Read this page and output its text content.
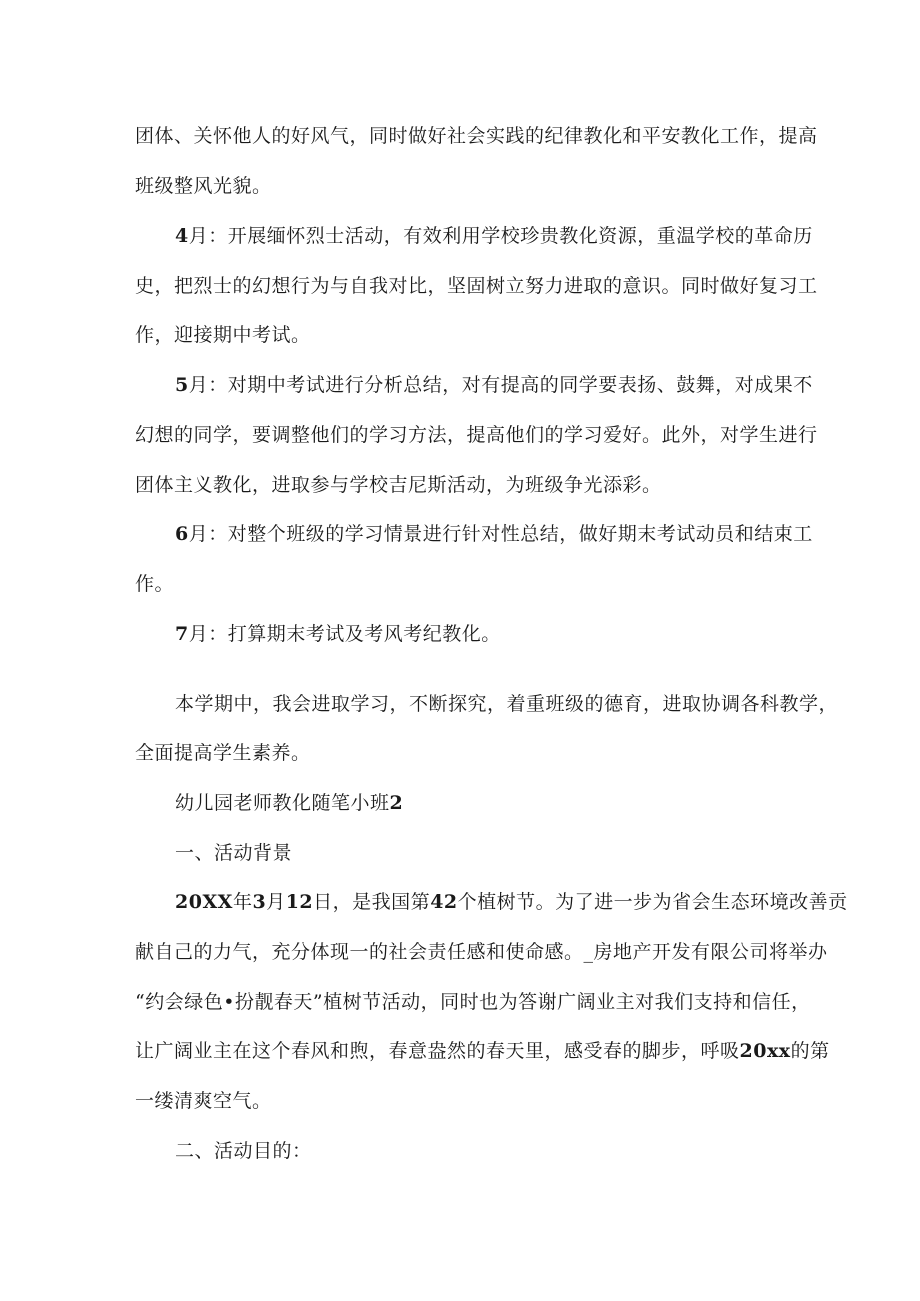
团体、关怀他人的好风气，同时做好社会实践的纪律教化和平安教化工作，提高
班级整风光貌。
4月：开展缅怀烈士活动，有效利用学校珍贵教化资源，重温学校的革命历
史，把烈士的幻想行为与自我对比，坚固树立努力进取的意识。同时做好复习工
作，迎接期中考试。
5月：对期中考试进行分析总结，对有提高的同学要表扬、鼓舞，对成果不
幻想的同学，要调整他们的学习方法，提高他们的学习爱好。此外，对学生进行
团体主义教化，进取参与学校吉尼斯活动，为班级争光添彩。
6月：对整个班级的学习情景进行针对性总结，做好期末考试动员和结束工
作。
7月：打算期末考试及考风考纪教化。
本学期中，我会进取学习，不断探究，着重班级的德育，进取协调各科教学，
全面提高学生素养。
幼儿园老师教化随笔小班2
一、活动背景
20XX年3月12日，是我国第42个植树节。为了进一步为省会生态环境改善贡
献自己的力气，充分体现一的社会责任感和使命感。_房地产开发有限公司将举办
“约会绿色•扮靓春天”植树节活动，同时也为答谢广阔业主对我们支持和信任，
让广阔业主在这个春风和煦，春意盎然的春天里，感受春的脚步，呼吸20xx的第
一缕清爽空气。
二、活动目的：
